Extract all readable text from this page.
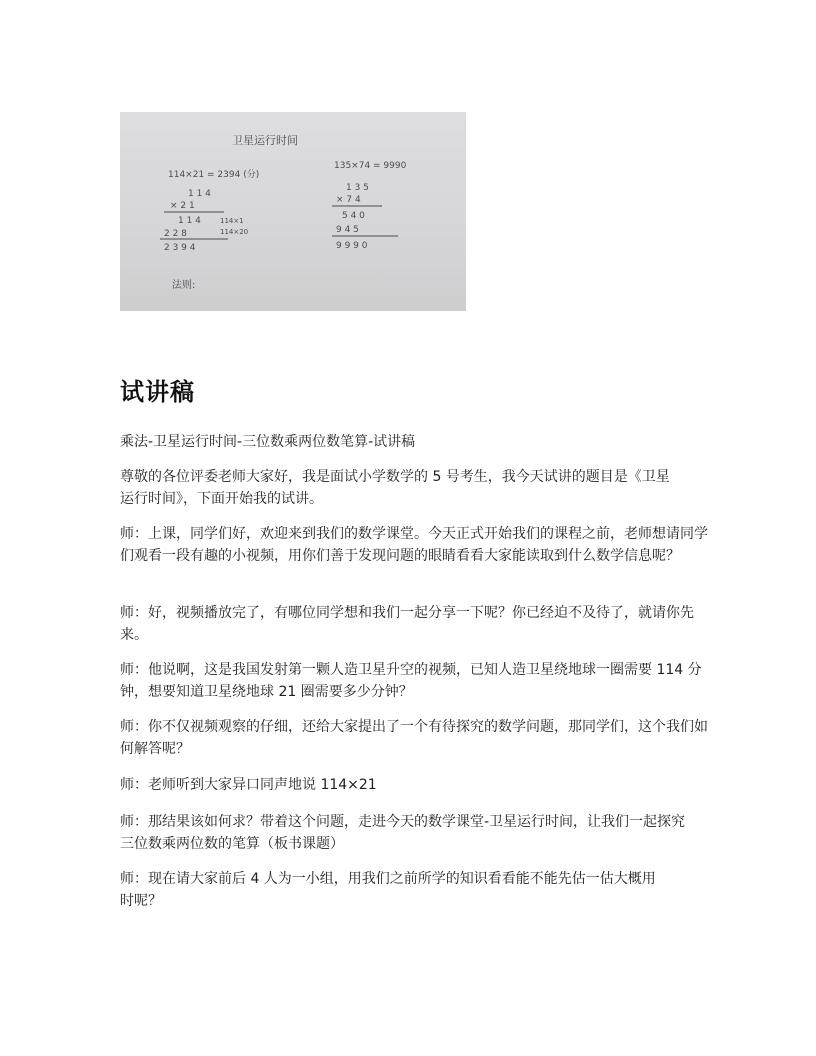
卫星运行时间
114×21 = 2394 (分)
1 1 4
× 2 1
1 1 4	114×1
2 2 8	114×20
2 3 9 4
135×74 = 9990
1 3 5
× 7 4
5 4 0
9 4 5
9 9 9 0
法则:
试讲稿

乘法-卫星运行时间-三位数乘两位数笔算-试讲稿

尊敬的各位评委老师大家好，我是面试小学数学的 5 号考生，我今天试讲的题目是《卫星运行时间》，下面开始我的试讲。

师：上课，同学们好，欢迎来到我们的数学课堂。今天正式开始我们的课程之前，老师想请同学们观看一段有趣的小视频，用你们善于发现问题的眼睛看看大家能读取到什么数学信息呢？

师：好，视频播放完了，有哪位同学想和我们一起分享一下呢？你已经迫不及待了，就请你先来。

师：他说啊，这是我国发射第一颗人造卫星升空的视频，已知人造卫星绕地球一圈需要 114 分钟，想要知道卫星绕地球 21 圈需要多少分钟？

师：你不仅视频观察的仔细，还给大家提出了一个有待探究的数学问题，那同学们，这个我们如何解答呢？

师：老师听到大家异口同声地说 114×21

师：那结果该如何求？带着这个问题，走进今天的数学课堂-卫星运行时间，让我们一起探究三位数乘两位数的笔算（板书课题）

师：现在请大家前后 4 人为一小组，用我们之前所学的知识看看能不能先估一估大概用时呢？
